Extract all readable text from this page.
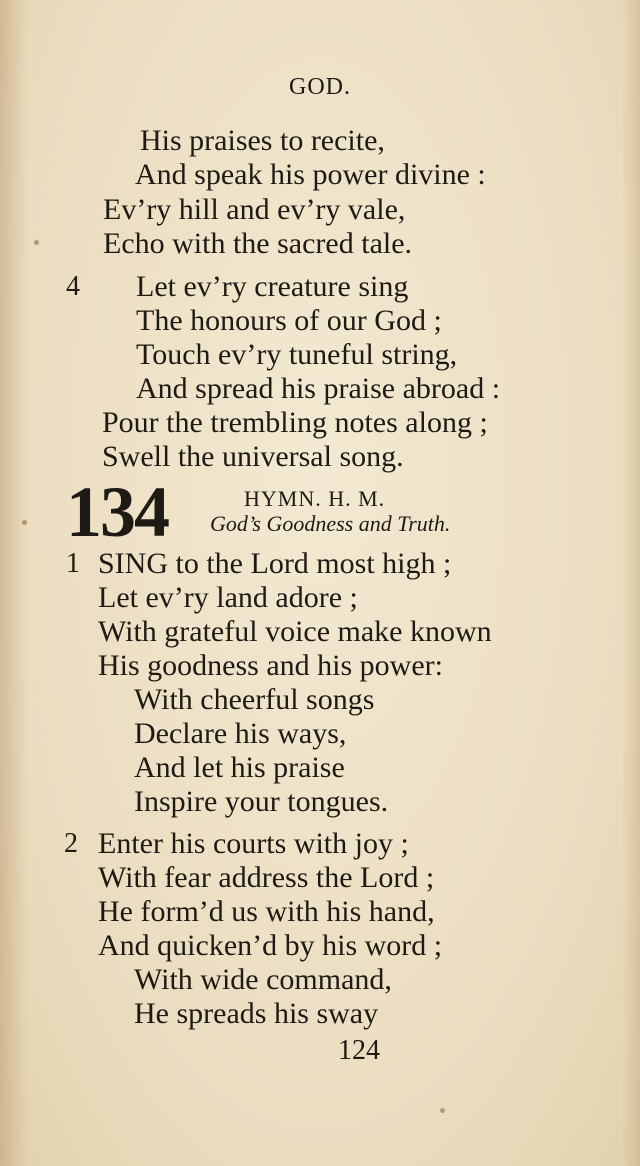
GOD.
His praises to recite,
And speak his power divine :
Ev’ry hill and ev’ry vale,
Echo with the sacred tale.
4 Let ev’ry creature sing
The honours of our God ;
Touch ev’ry tuneful string,
And spread his praise abroad :
Pour the trembling notes along ;
Swell the universal song.
134	HYMN. H. M.
God’s Goodness and Truth.
1 SING to the Lord most high ;
Let ev’ry land adore ;
With grateful voice make known
His goodness and his power:
With cheerful songs
Declare his ways,
And let his praise
Inspire your tongues.
2 Enter his courts with joy ;
With fear address the Lord ;
He form’d us with his hand,
And quicken’d by his word ;
With wide command,
He spreads his sway
124
